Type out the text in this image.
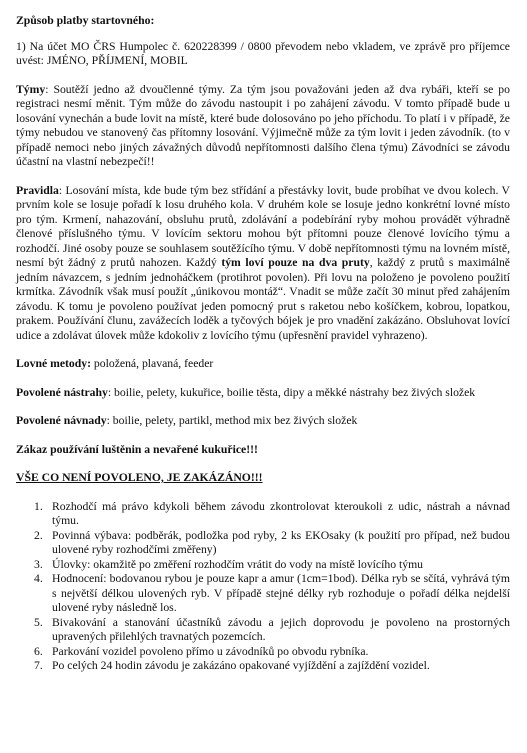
Způsob platby startovného:

1) Na účet MO ČRS Humpolec č. 620228399 / 0800 převodem nebo vkladem, ve zprávě pro příjemce uvést: JMÉNO, PŘÍJMENÍ, MOBIL

Týmy: Soutěží jedno až dvoučlenné týmy. Za tým jsou považováni jeden až dva rybáři, kteří se po registraci nesmí měnit. Tým může do závodu nastoupit i po zahájení závodu. V tomto případě bude u losování vynechán a bude lovit na místě, které bude dolosováno po jeho příchodu. To platí i v případě, že týmy nebudou ve stanovený čas přítomny losování. Výjimečně může za tým lovit i jeden závodník. (to v případě nemoci nebo jiných závažných důvodů nepřítomnosti dalšího člena týmu) Závodníci se závodu účastní na vlastní nebezpečí!!

Pravidla: Losování místa, kde bude tým bez střídání a přestávky lovit, bude probíhat ve dvou kolech. V prvním kole se losuje pořadí k losu druhého kola. V druhém kole se losuje jedno konkrétní lovné místo pro tým. Krmení, nahazování, obsluhu prutů, zdolávání a podebírání ryby mohou provádět výhradně členové příslušného týmu. V lovícím sektoru mohou být přítomni pouze členové lovícího týmu a rozhodčí. Jiné osoby pouze se souhlasem soutěžícího týmu. V době nepřítomnosti týmu na lovném místě, nesmí být žádný z prutů nahozen. Každý tým loví pouze na dva pruty, každý z prutů s maximálně jedním návazcem, s jedním jednoháčkem (protihrot povolen). Při lovu na položeno je povoleno použití krmítka. Závodník však musí použít „únikovou montáž“. Vnadit se může začít 30 minut před zahájením závodu. K tomu je povoleno používat jeden pomocný prut s raketou nebo košíčkem, kobrou, lopatkou, prakem. Používání člunu, zavážecích loděk a tyčových bójek je pro vnadění zakázáno. Obsluhovat lovící udice a zdolávat úlovek může kdokoliv z lovícího týmu (upřesnění pravidel vyhrazeno).

Lovné metody: položená, plavaná, feeder

Povolené nástrahy: boilie, pelety, kukuřice, boilie těsta, dipy a měkké nástrahy bez živých složek

Povolené návnady: boilie, pelety, partikl, method mix bez živých složek

Zákaz používání luštěnin a nevařené kukuřice!!!

VŠE CO NENÍ POVOLENO, JE ZAKÁZÁNO!!!

1. Rozhodčí má právo kdykoli během závodu zkontrolovat kteroukoli z udic, nástrah a návnad týmu.
2. Povinná výbava: podběrák, podložka pod ryby, 2 ks EKOsaky (k použití pro případ, než budou ulovené ryby rozhodčími změřeny)
3. Úlovky: okamžitě po změření rozhodčím vrátit do vody na místě lovícího týmu
4. Hodnocení: bodovanou rybou je pouze kapr a amur (1cm=1bod). Délka ryb se sčítá, vyhrává tým s největší délkou ulovených ryb. V případě stejné délky ryb rozhoduje o pořadí délka nejdelší ulovené ryby následně los.
5. Bivakování a stanování účastníků závodu a jejich doprovodu je povoleno na prostorných upravených přilehlých travnatých pozemcích.
6. Parkování vozidel povoleno přímo u závodníků po obvodu rybníka.
7. Po celých 24 hodin závodu je zakázáno opakované vyjíždění a zajíždění vozidel.
